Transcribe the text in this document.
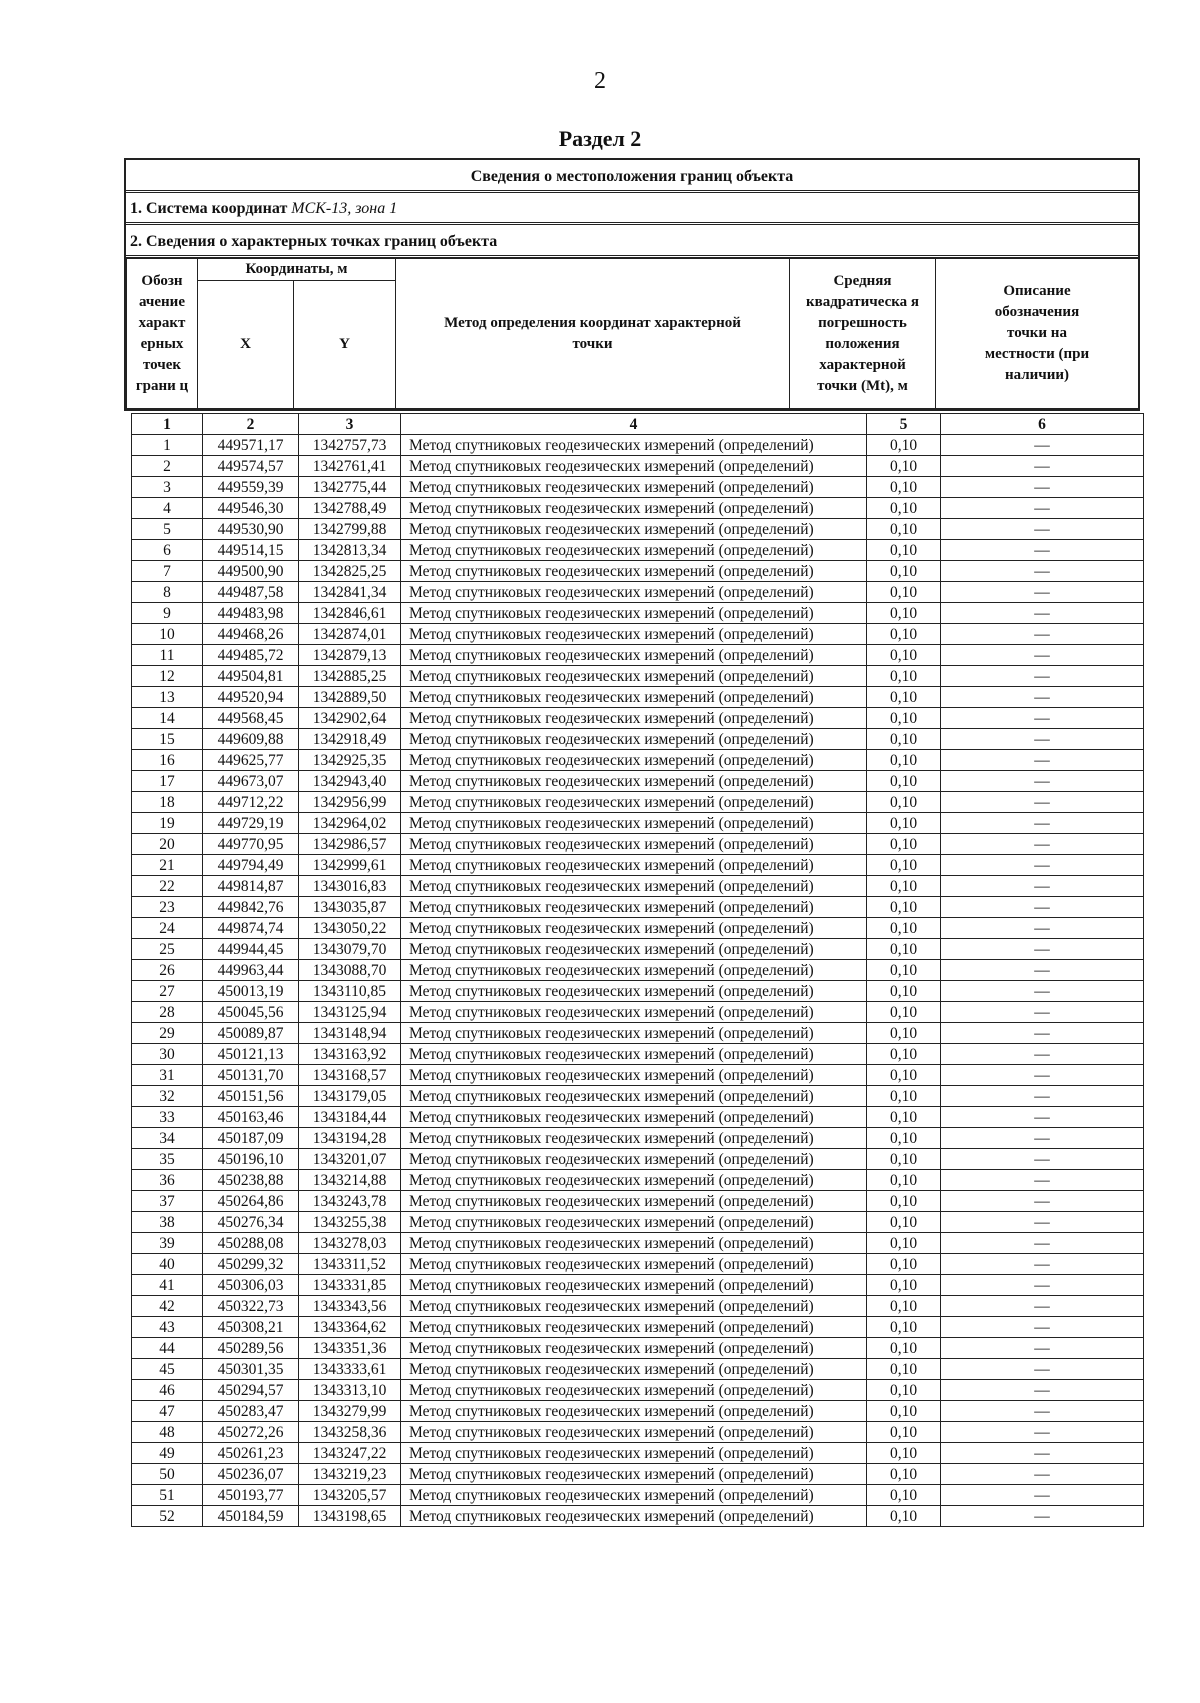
2
Раздел 2
Сведения о местоположения границ объекта
1. Система координат МСК-13, зона 1
2. Сведения о характерных точках границ объекта
Обозн ачение характ ерных точек грани ц	Координаты, м		Метод определения координат характерной точки	Средняя квадратическа я погрешность положения характерной точки (Mt), м	Описание обозначения точки на местности (при наличии)
	X	Y			
1	2	3	4	5	6
1	449571,17	1342757,73	Метод спутниковых геодезических измерений (определений)	0,10	—
2	449574,57	1342761,41	Метод спутниковых геодезических измерений (определений)	0,10	—
3	449559,39	1342775,44	Метод спутниковых геодезических измерений (определений)	0,10	—
4	449546,30	1342788,49	Метод спутниковых геодезических измерений (определений)	0,10	—
5	449530,90	1342799,88	Метод спутниковых геодезических измерений (определений)	0,10	—
6	449514,15	1342813,34	Метод спутниковых геодезических измерений (определений)	0,10	—
7	449500,90	1342825,25	Метод спутниковых геодезических измерений (определений)	0,10	—
8	449487,58	1342841,34	Метод спутниковых геодезических измерений (определений)	0,10	—
9	449483,98	1342846,61	Метод спутниковых геодезических измерений (определений)	0,10	—
10	449468,26	1342874,01	Метод спутниковых геодезических измерений (определений)	0,10	—
11	449485,72	1342879,13	Метод спутниковых геодезических измерений (определений)	0,10	—
12	449504,81	1342885,25	Метод спутниковых геодезических измерений (определений)	0,10	—
13	449520,94	1342889,50	Метод спутниковых геодезических измерений (определений)	0,10	—
14	449568,45	1342902,64	Метод спутниковых геодезических измерений (определений)	0,10	—
15	449609,88	1342918,49	Метод спутниковых геодезических измерений (определений)	0,10	—
16	449625,77	1342925,35	Метод спутниковых геодезических измерений (определений)	0,10	—
17	449673,07	1342943,40	Метод спутниковых геодезических измерений (определений)	0,10	—
18	449712,22	1342956,99	Метод спутниковых геодезических измерений (определений)	0,10	—
19	449729,19	1342964,02	Метод спутниковых геодезических измерений (определений)	0,10	—
20	449770,95	1342986,57	Метод спутниковых геодезических измерений (определений)	0,10	—
21	449794,49	1342999,61	Метод спутниковых геодезических измерений (определений)	0,10	—
22	449814,87	1343016,83	Метод спутниковых геодезических измерений (определений)	0,10	—
23	449842,76	1343035,87	Метод спутниковых геодезических измерений (определений)	0,10	—
24	449874,74	1343050,22	Метод спутниковых геодезических измерений (определений)	0,10	—
25	449944,45	1343079,70	Метод спутниковых геодезических измерений (определений)	0,10	—
26	449963,44	1343088,70	Метод спутниковых геодезических измерений (определений)	0,10	—
27	450013,19	1343110,85	Метод спутниковых геодезических измерений (определений)	0,10	—
28	450045,56	1343125,94	Метод спутниковых геодезических измерений (определений)	0,10	—
29	450089,87	1343148,94	Метод спутниковых геодезических измерений (определений)	0,10	—
30	450121,13	1343163,92	Метод спутниковых геодезических измерений (определений)	0,10	—
31	450131,70	1343168,57	Метод спутниковых геодезических измерений (определений)	0,10	—
32	450151,56	1343179,05	Метод спутниковых геодезических измерений (определений)	0,10	—
33	450163,46	1343184,44	Метод спутниковых геодезических измерений (определений)	0,10	—
34	450187,09	1343194,28	Метод спутниковых геодезических измерений (определений)	0,10	—
35	450196,10	1343201,07	Метод спутниковых геодезических измерений (определений)	0,10	—
36	450238,88	1343214,88	Метод спутниковых геодезических измерений (определений)	0,10	—
37	450264,86	1343243,78	Метод спутниковых геодезических измерений (определений)	0,10	—
38	450276,34	1343255,38	Метод спутниковых геодезических измерений (определений)	0,10	—
39	450288,08	1343278,03	Метод спутниковых геодезических измерений (определений)	0,10	—
40	450299,32	1343311,52	Метод спутниковых геодезических измерений (определений)	0,10	—
41	450306,03	1343331,85	Метод спутниковых геодезических измерений (определений)	0,10	—
42	450322,73	1343343,56	Метод спутниковых геодезических измерений (определений)	0,10	—
43	450308,21	1343364,62	Метод спутниковых геодезических измерений (определений)	0,10	—
44	450289,56	1343351,36	Метод спутниковых геодезических измерений (определений)	0,10	—
45	450301,35	1343333,61	Метод спутниковых геодезических измерений (определений)	0,10	—
46	450294,57	1343313,10	Метод спутниковых геодезических измерений (определений)	0,10	—
47	450283,47	1343279,99	Метод спутниковых геодезических измерений (определений)	0,10	—
48	450272,26	1343258,36	Метод спутниковых геодезических измерений (определений)	0,10	—
49	450261,23	1343247,22	Метод спутниковых геодезических измерений (определений)	0,10	—
50	450236,07	1343219,23	Метод спутниковых геодезических измерений (определений)	0,10	—
51	450193,77	1343205,57	Метод спутниковых геодезических измерений (определений)	0,10	—
52	450184,59	1343198,65	Метод спутниковых геодезических измерений (определений)	0,10	—
